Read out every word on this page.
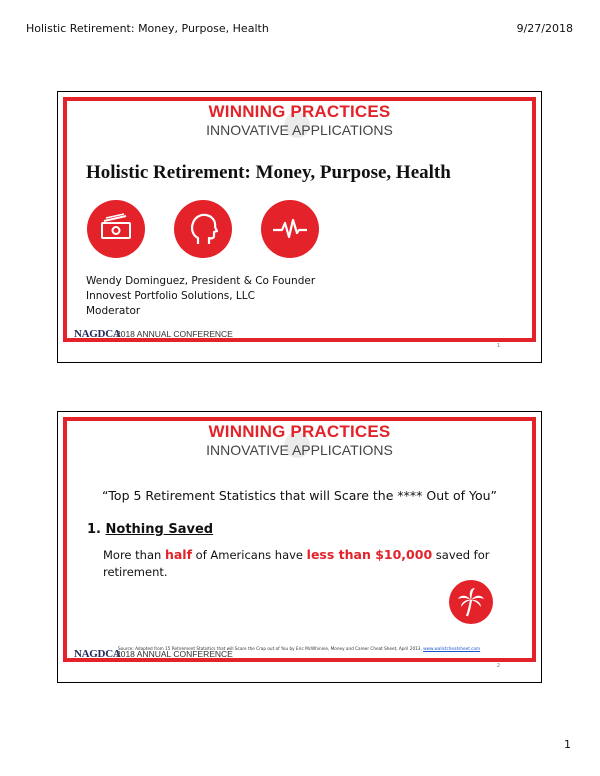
Holistic Retirement: Money, Purpose, Health	9/27/2018
WINNING PRACTICES
INNOVATIVE APPLICATIONS
Holistic Retirement: Money, Purpose, Health
Wendy Dominguez, President & Co Founder
Innovest Portfolio Solutions, LLC
Moderator
NAGDCA
2018 ANNUAL CONFERENCE
1
WINNING PRACTICES
INNOVATIVE APPLICATIONS
“Top 5 Retirement Statistics that will Scare the **** Out of You”
1. Nothing Saved
More than half of Americans have less than $10,000 saved for retirement.
Source: Adapted from 15 Retirement Statistics that will Scare the Crap out of You by Eric McWhinnie, Money and Career Cheat Sheet, April 2013, www.wallstcheatsheet.com
NAGDCA
2018 ANNUAL CONFERENCE
2
1
